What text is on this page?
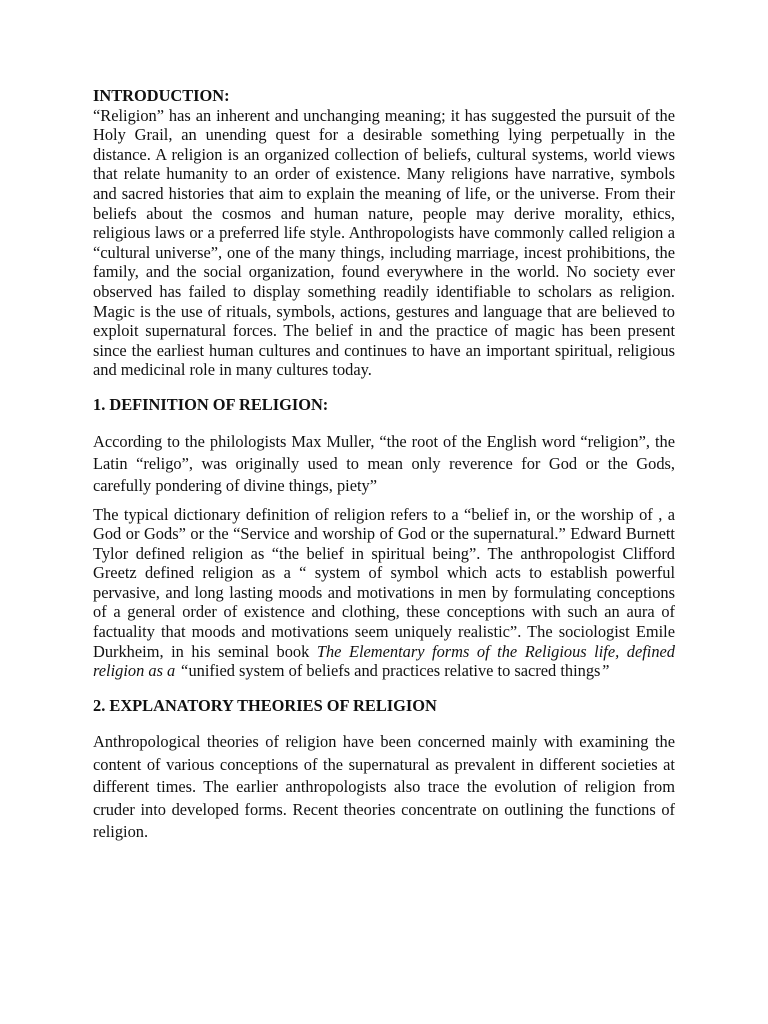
INTRODUCTION:

“Religion” has an inherent and unchanging meaning; it has suggested the pursuit of the Holy Grail, an unending quest for a desirable something lying perpetually in the distance. A religion is an organized collection of beliefs, cultural systems, world views that relate humanity to an order of existence. Many religions have narrative, symbols and sacred histories that aim to explain the meaning of life, or the universe. From their beliefs about the cosmos and human nature, people may derive morality, ethics, religious laws or a preferred life style. Anthropologists have commonly called religion a “cultural universe”, one of the many things, including marriage, incest prohibitions, the family, and the social organization, found everywhere in the world. No society ever observed has failed to display something readily identifiable to scholars as religion. Magic is the use of rituals, symbols, actions, gestures and language that are believed to exploit supernatural forces. The belief in and the practice of magic has been present since the earliest human cultures and continues to have an important spiritual, religious and medicinal role in many cultures today.

1. DEFINITION OF RELIGION:

According to the philologists Max Muller, “the root of the English word “religion”, the Latin “religo”, was originally used to mean only reverence for God or the Gods, carefully pondering of divine things, piety”

The typical dictionary definition of religion refers to a “belief in, or the worship of , a God or Gods” or the “Service and worship of God or the supernatural.” Edward Burnett Tylor defined religion as “the belief in spiritual being”. The anthropologist Clifford Greetz defined religion as a “ system of symbol which acts to establish powerful pervasive, and long lasting moods and motivations in men by formulating conceptions of a general order of existence and clothing, these conceptions with such an aura of factuality that moods and motivations seem uniquely realistic”. The sociologist Emile Durkheim, in his seminal book The Elementary forms of the Religious life, defined religion as a “unified system of beliefs and practices relative to sacred things”

2. EXPLANATORY THEORIES OF RELIGION

Anthropological theories of religion have been concerned mainly with examining the content of various conceptions of the supernatural as prevalent in different societies at different times. The earlier anthropologists also trace the evolution of religion from cruder into developed forms. Recent theories concentrate on outlining the functions of religion.
